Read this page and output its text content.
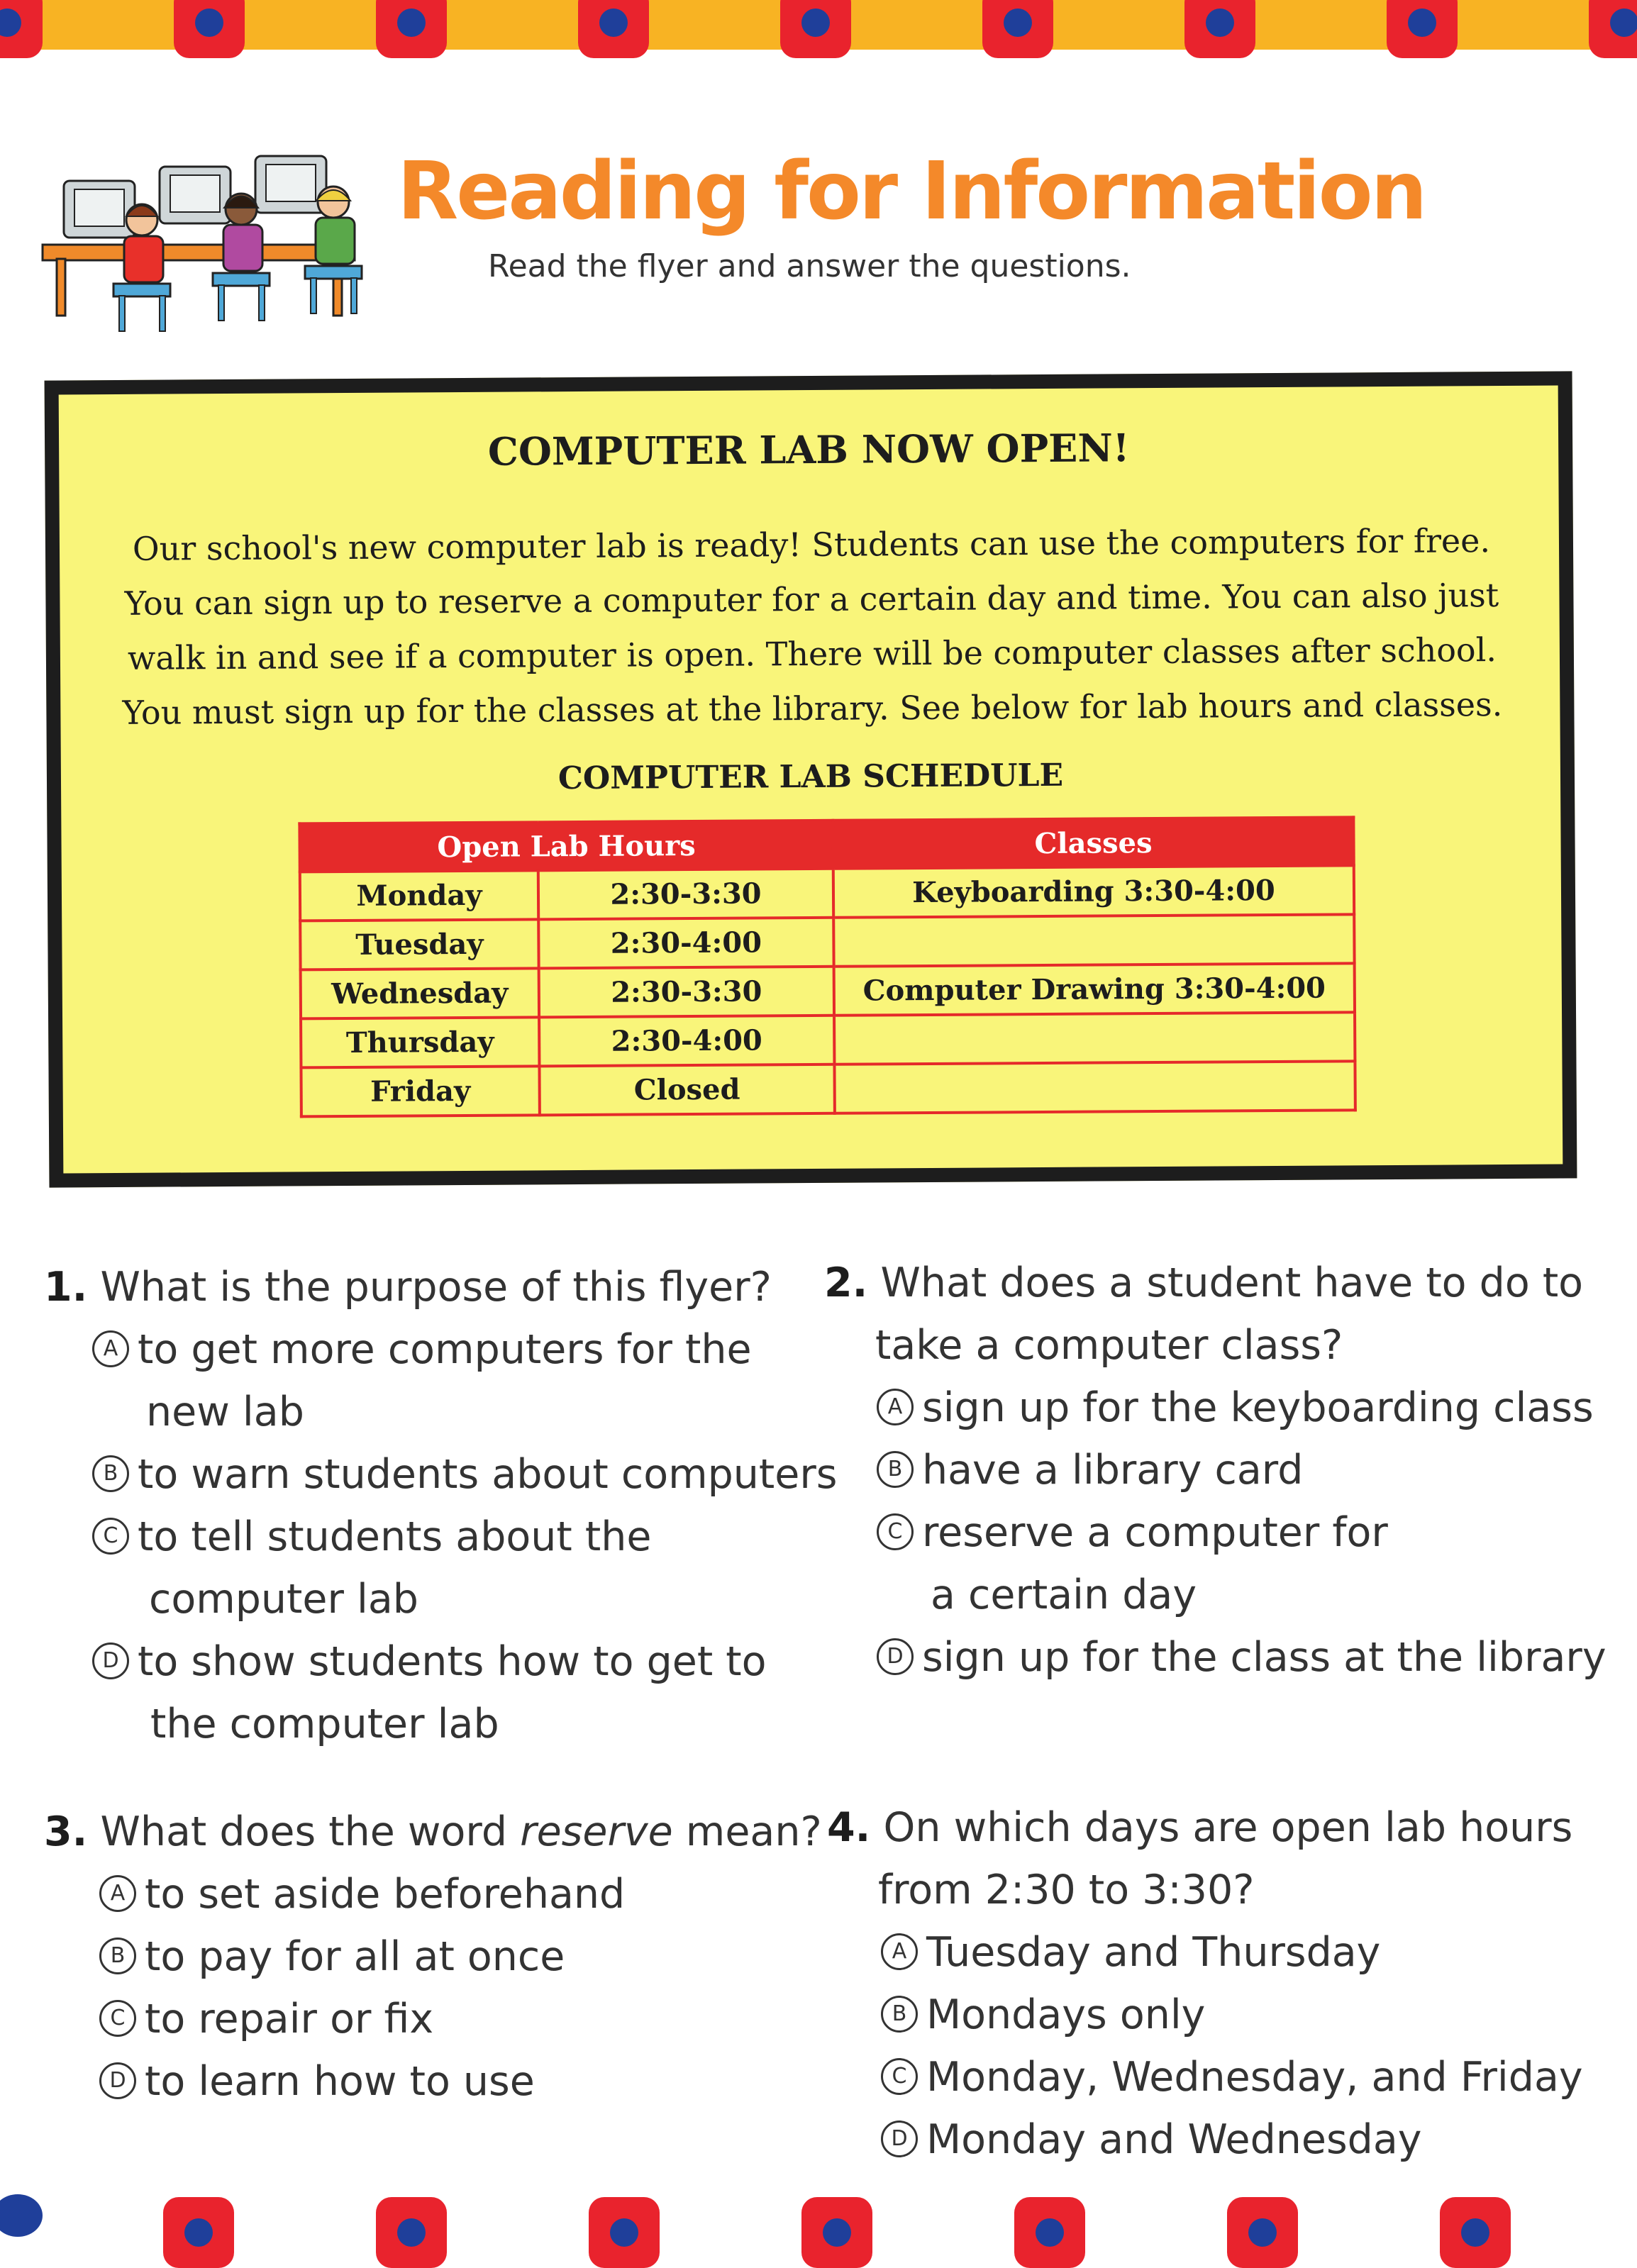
Reading for Information
Read the flyer and answer the questions.
COMPUTER LAB NOW OPEN!
Our school's new computer lab is ready! Students can use the computers for free.
You can sign up to reserve a computer for a certain day and time. You can also just
walk in and see if a computer is open. There will be computer classes after school.
You must sign up for the classes at the library. See below for lab hours and classes.
COMPUTER LAB SCHEDULE
Open Lab Hours		Classes
Monday	2:30-3:30	Keyboarding 3:30-4:00
Tuesday	2:30-4:00	
Wednesday	2:30-3:30	Computer Drawing 3:30-4:00
Thursday	2:30-4:00	
Friday	Closed	
1. What is the purpose of this flyer?
A to get more computers for the
new lab
B to warn students about computers
C to tell students about the
computer lab
D to show students how to get to
the computer lab
2. What does a student have to do to
take a computer class?
A sign up for the keyboarding class
B have a library card
C reserve a computer for
a certain day
D sign up for the class at the library
3. What does the word reserve mean?
A to set aside beforehand
B to pay for all at once
C to repair or fix
D to learn how to use
4. On which days are open lab hours
from 2:30 to 3:30?
A Tuesday and Thursday
B Mondays only
C Monday, Wednesday, and Friday
D Monday and Wednesday
